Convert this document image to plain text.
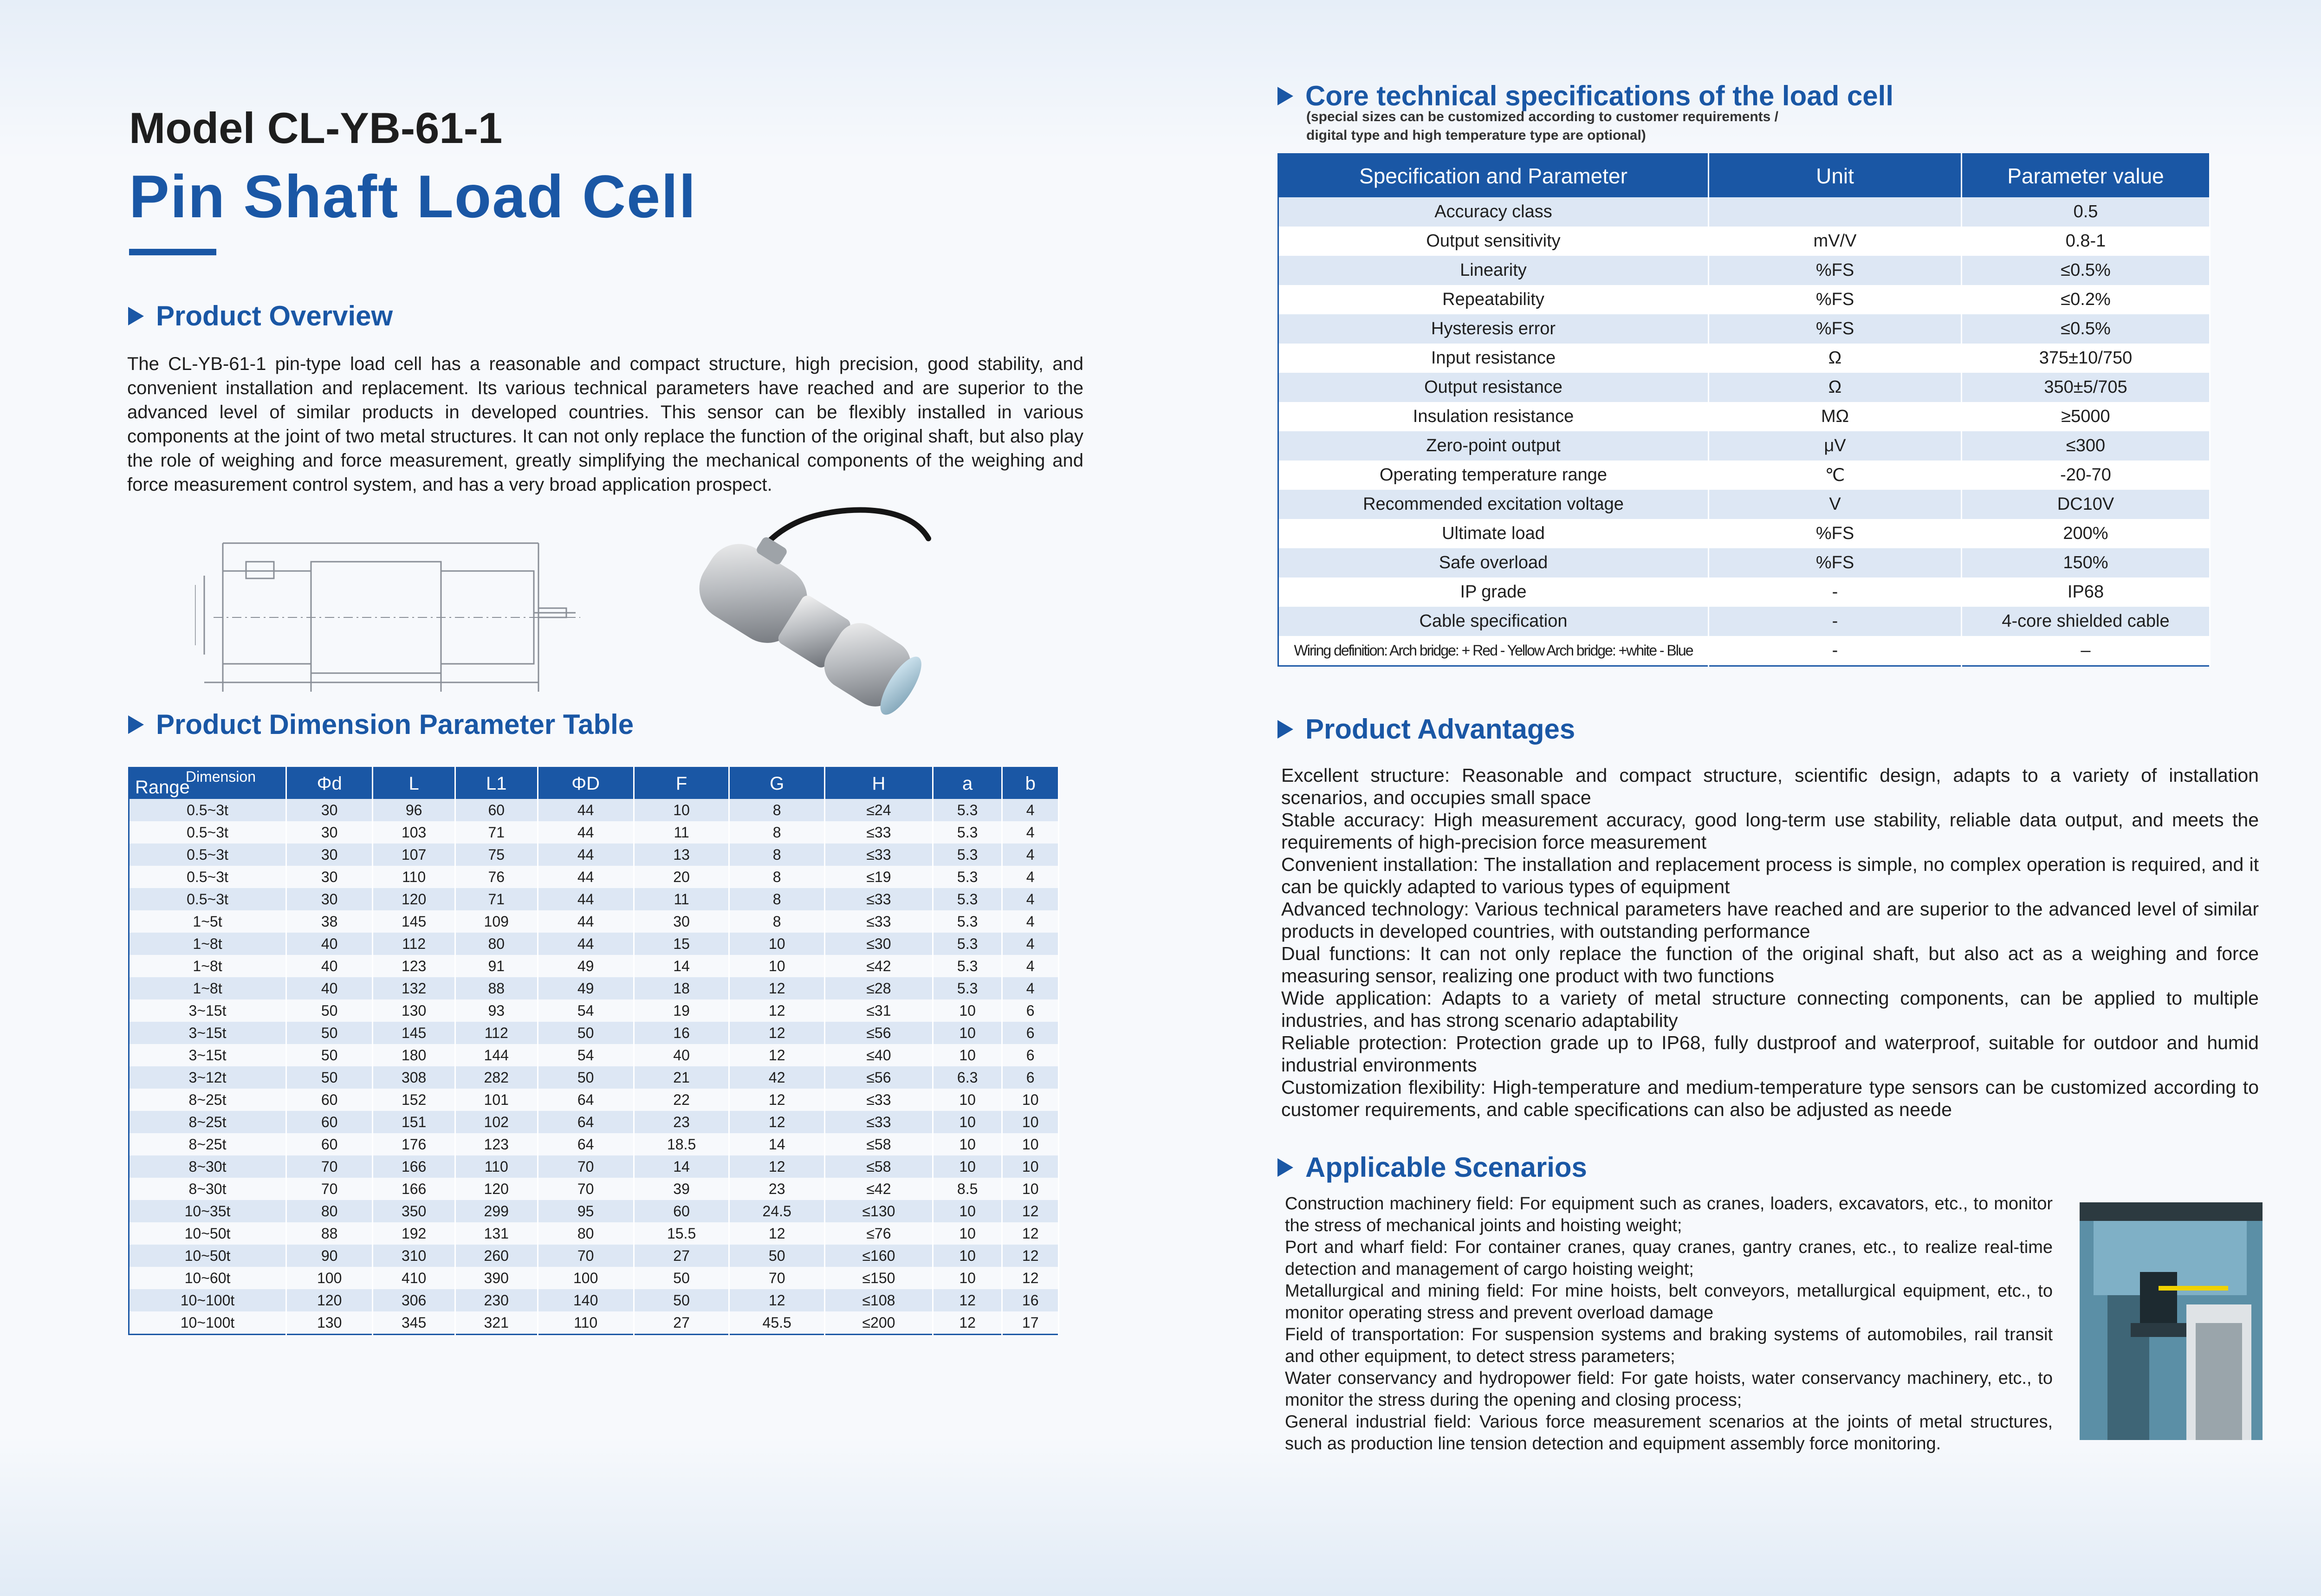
Model CL-YB-61-1
Pin Shaft Load Cell
Product Overview
The CL-YB-61-1 pin-type load cell has a reasonable and compact structure, high precision, good stability, and convenient installation and replacement. Its various technical parameters have reached and are superior to the advanced level of similar products in developed countries. This sensor can be flexibly installed in various components at the joint of two metal structures. It can not only replace the function of the original shaft, but also play the role of weighing and force measurement, greatly simplifying the mechanical components of the weighing and force measurement control system, and has a very broad application prospect.
Product Dimension Parameter Table
Range
Dimension	Φd	L	L1	ΦD	F	G	H	a	b
0.5~3t	30	96	60	44	10	8	≤24	5.3	4
0.5~3t	30	103	71	44	11	8	≤33	5.3	4
0.5~3t	30	107	75	44	13	8	≤33	5.3	4
0.5~3t	30	110	76	44	20	8	≤19	5.3	4
0.5~3t	30	120	71	44	11	8	≤33	5.3	4
1~5t	38	145	109	44	30	8	≤33	5.3	4
1~8t	40	112	80	44	15	10	≤30	5.3	4
1~8t	40	123	91	49	14	10	≤42	5.3	4
1~8t	40	132	88	49	18	12	≤28	5.3	4
3~15t	50	130	93	54	19	12	≤31	10	6
3~15t	50	145	112	50	16	12	≤56	10	6
3~15t	50	180	144	54	40	12	≤40	10	6
3~12t	50	308	282	50	21	42	≤56	6.3	6
8~25t	60	152	101	64	22	12	≤33	10	10
8~25t	60	151	102	64	23	12	≤33	10	10
8~25t	60	176	123	64	18.5	14	≤58	10	10
8~30t	70	166	110	70	14	12	≤58	10	10
8~30t	70	166	120	70	39	23	≤42	8.5	10
10~35t	80	350	299	95	60	24.5	≤130	10	12
10~50t	88	192	131	80	15.5	12	≤76	10	12
10~50t	90	310	260	70	27	50	≤160	10	12
10~60t	100	410	390	100	50	70	≤150	10	12
10~100t	120	306	230	140	50	12	≤108	12	16
10~100t	130	345	321	110	27	45.5	≤200	12	17
Core technical specifications of the load cell
(special sizes can be customized according to customer requirements /
digital type and high temperature type are optional)
Specification and Parameter	Unit	Parameter value
Accuracy class		0.5
Output sensitivity	mV/V	0.8-1
Linearity	%FS	≤0.5%
Repeatability	%FS	≤0.2%
Hysteresis error	%FS	≤0.5%
Input resistance	Ω	375±10/750
Output resistance	Ω	350±5/705
Insulation resistance	MΩ	≥5000
Zero-point output	μV	≤300
Operating temperature range	℃	-20-70
Recommended excitation voltage	V	DC10V
Ultimate load	%FS	200%
Safe overload	%FS	150%
IP grade	-	IP68
Cable specification	-	4-core shielded cable
Wiring definition: Arch bridge: + Red - Yellow Arch bridge: +white - Blue	-	–
Product Advantages

Excellent structure: Reasonable and compact structure, scientific design, adapts to a variety of installation scenarios, and occupies small space

Stable accuracy: High measurement accuracy, good long-term use stability, reliable data output, and meets the requirements of high-precision force measurement

Convenient installation: The installation and replacement process is simple, no complex operation is required, and it can be quickly adapted to various types of equipment

Advanced technology: Various technical parameters have reached and are superior to the advanced level of similar products in developed countries, with outstanding performance

Dual functions: It can not only replace the function of the original shaft, but also act as a weighing and force measuring sensor, realizing one product with two functions

Wide application: Adapts to a variety of metal structure connecting components, can be applied to multiple industries, and has strong scenario adaptability

Reliable protection: Protection grade up to IP68, fully dustproof and waterproof, suitable for outdoor and humid industrial environments

Customization flexibility: High-temperature and medium-temperature type sensors can be customized according to customer requirements, and cable specifications can also be adjusted as neede

Applicable Scenarios

Construction machinery field: For equipment such as cranes, loaders, excavators, etc., to monitor the stress of mechanical joints and hoisting weight;

Port and wharf field: For container cranes, quay cranes, gantry cranes, etc., to realize real-time detection and management of cargo hoisting weight;

Metallurgical and mining field: For mine hoists, belt conveyors, metallurgical equipment, etc., to monitor operating stress and prevent overload damage

Field of transportation: For suspension systems and braking systems of automobiles, rail transit and other equipment, to detect stress parameters;

Water conservancy and hydropower field: For gate hoists, water conservancy machinery, etc., to monitor the stress during the opening and closing process;

General industrial field: Various force measurement scenarios at the joints of metal structures, such as production line tension detection and equipment assembly force monitoring.
